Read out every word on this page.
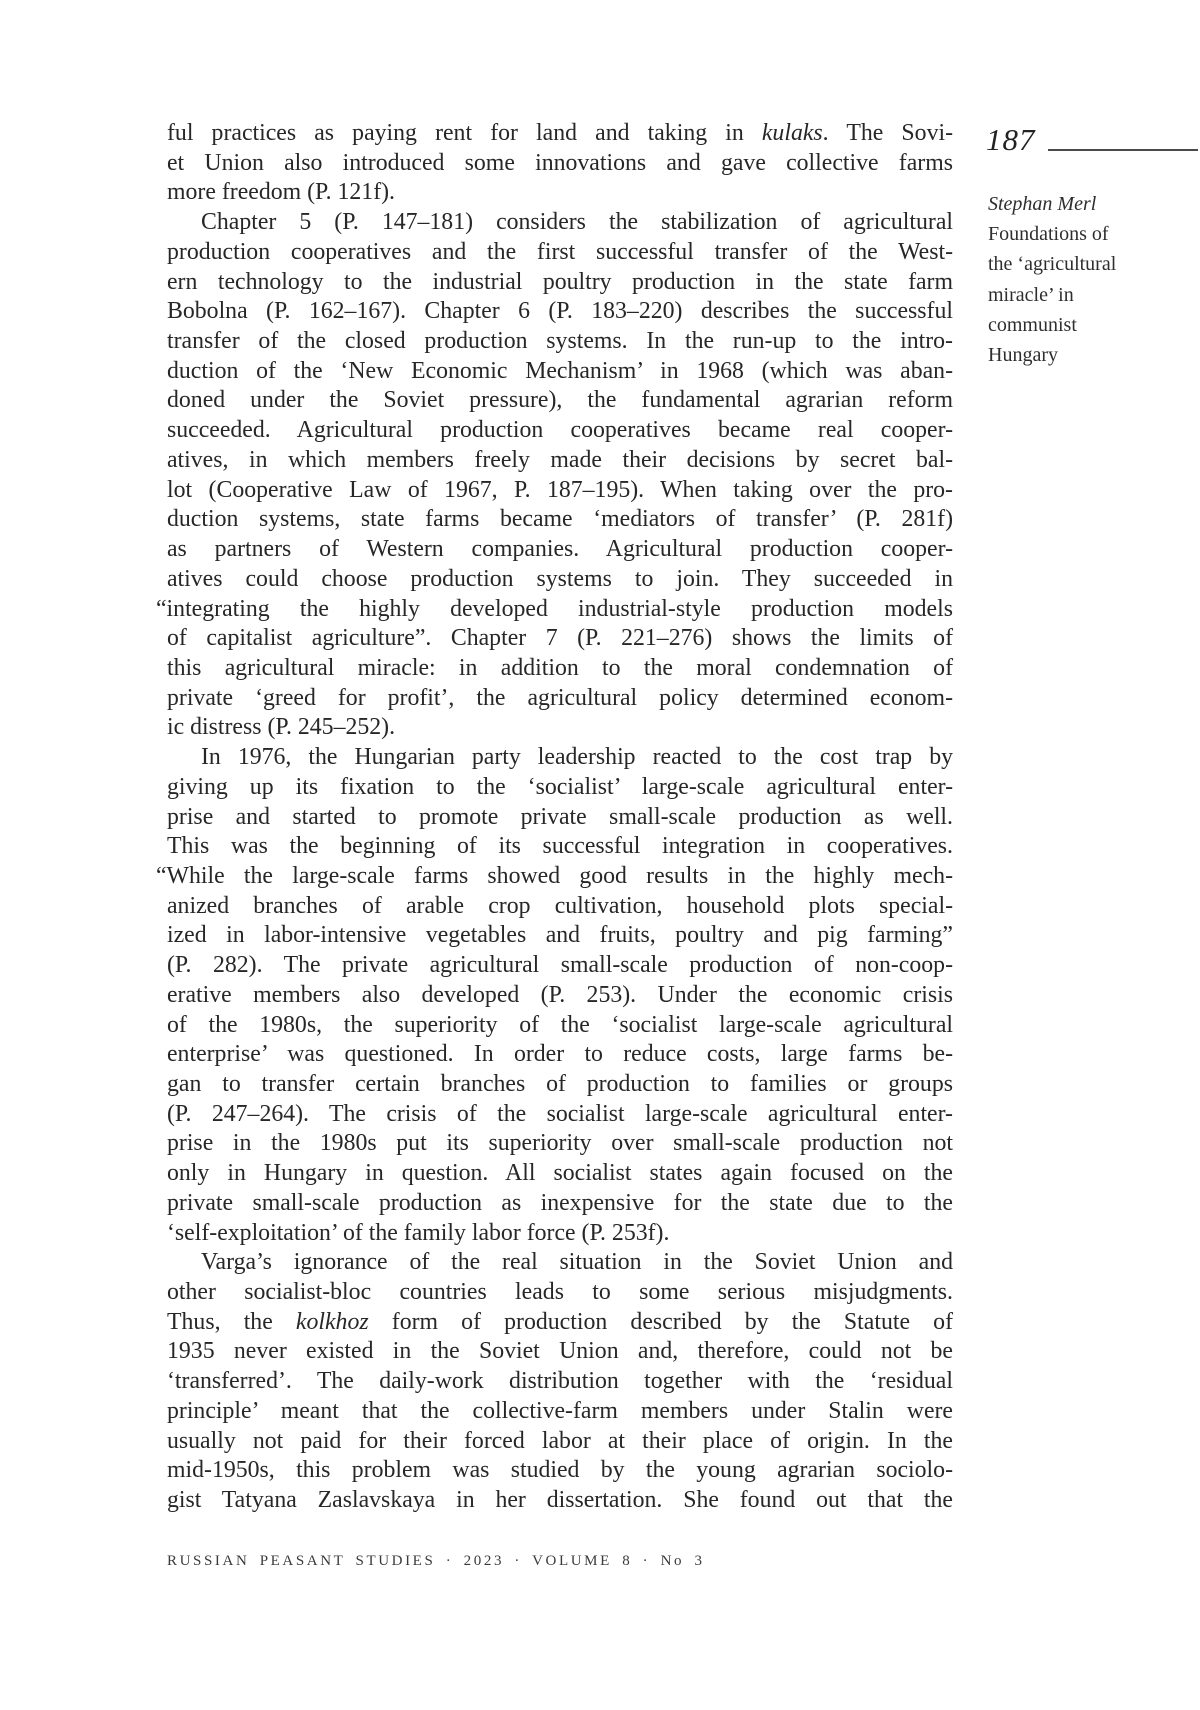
ful practices as paying rent for land and taking in kulaks. The Sovi-
et Union also introduced some innovations and gave collective farms
more freedom (P. 121f).
Chapter 5 (P. 147–181) considers the stabilization of agricultural
production cooperatives and the first successful transfer of the West-
ern technology to the industrial poultry production in the state farm
Bobolna (P. 162–167). Chapter 6 (P. 183–220) describes the successful
transfer of the closed production systems. In the run-up to the intro-
duction of the ‘New Economic Mechanism’ in 1968 (which was aban-
doned under the Soviet pressure), the fundamental agrarian reform
succeeded. Agricultural production cooperatives became real cooper-
atives, in which members freely made their decisions by secret bal-
lot (Cooperative Law of 1967, P. 187–195). When taking over the pro-
duction systems, state farms became ‘mediators of transfer’ (P. 281f)
as partners of Western companies. Agricultural production cooper-
atives could choose production systems to join. They succeeded in
“integrating the highly developed industrial-style production models
of capitalist agriculture”. Chapter 7 (P. 221–276) shows the limits of
this agricultural miracle: in addition to the moral condemnation of
private ‘greed for profit’, the agricultural policy determined econom-
ic distress (P. 245–252).
In 1976, the Hungarian party leadership reacted to the cost trap by
giving up its fixation to the ‘socialist’ large-scale agricultural enter-
prise and started to promote private small-scale production as well.
This was the beginning of its successful integration in cooperatives.
“While the large-scale farms showed good results in the highly mech-
anized branches of arable crop cultivation, household plots special-
ized in labor-intensive vegetables and fruits, poultry and pig farming”
(P. 282). The private agricultural small-scale production of non-coop-
erative members also developed (P. 253). Under the economic crisis
of the 1980s, the superiority of the ‘socialist large-scale agricultural
enterprise’ was questioned. In order to reduce costs, large farms be-
gan to transfer certain branches of production to families or groups
(P. 247–264). The crisis of the socialist large-scale agricultural enter-
prise in the 1980s put its superiority over small-scale production not
only in Hungary in question. All socialist states again focused on the
private small-scale production as inexpensive for the state due to the
‘self-exploitation’ of the family labor force (P. 253f).
Varga’s ignorance of the real situation in the Soviet Union and
other socialist-bloc countries leads to some serious misjudgments.
Thus, the kolkhoz form of production described by the Statute of
1935 never existed in the Soviet Union and, therefore, could not be
‘transferred’. The daily-work distribution together with the ‘residual
principle’ meant that the collective-farm members under Stalin were
usually not paid for their forced labor at their place of origin. In the
mid-1950s, this problem was studied by the young agrarian sociolo-
gist Tatyana Zaslavskaya in her dissertation. She found out that the
187
Stephan Merl
Foundations of
the ‘agricultural
miracle’ in
communist
Hungary
RUSSIAN PEASANT STUDIES · 2023 · VOLUME 8 · No 3
